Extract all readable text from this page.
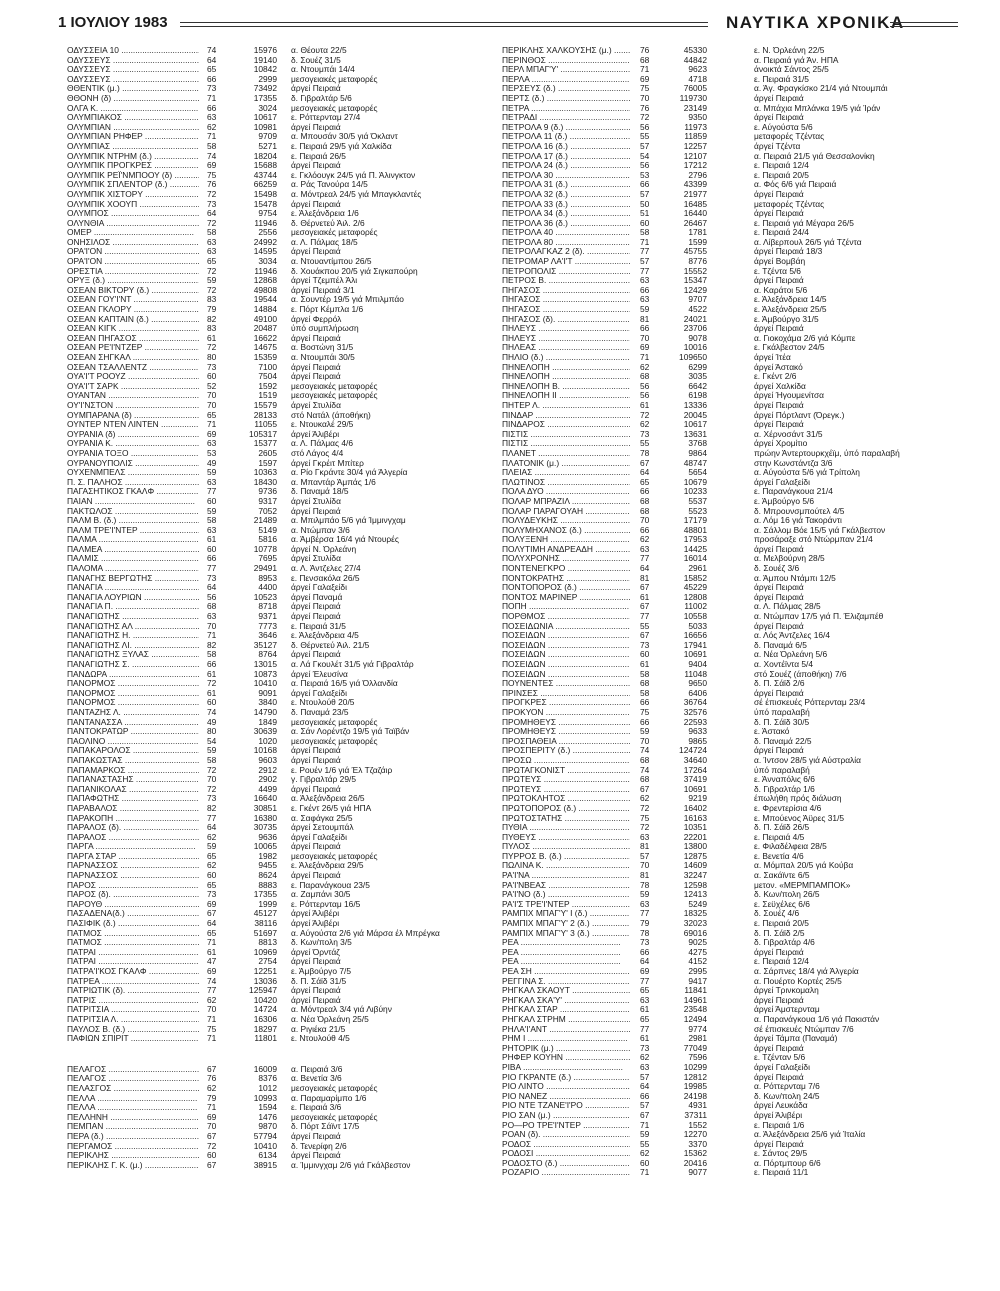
1 ΙΟΥΛΙΟΥ 1983	ΝΑΥΤΙΚΑ ΧΡΟΝΙΚΑ
ΟΔΥΣΣΕΙΑ 10 .....	74	15976 α. Θέουτα 22/5
ΟΔΥΣΣΕΥΣ .....	64	19140 δ. Σουέζ 31/5
ΟΔΥΣΣΕΥΣ .....	65	10842 α. Ντουμπάι 14/4
ΟΔΥΣΣΕΥΣ .....	66	2999 μεσογειακές μεταφορές
ΘΘΕΝΤΙΚ (μ.) .....	73	73492 άργεί Πειραιά
ΘΘΟΝΗ (δ) .....	71	17355 δ. Γιβραλτάρ 5/6
ΟΛΓΑ Κ. .....	66	3024 μεσογειακές μεταφορές
ΟΛΥΜΠΙΑΚΟΣ .....	63	10617 ε. Ρόττερνταμ 27/4
ΟΛΥΜΠΙΑΝ .....	62	10981 άργεί Πειραιά
ΟΛΥΜΠΙΑΝ ΡΗΦΕΡ .....	71	9709 α. Μπουσάν 30/5 γιά Όκλαντ
ΟΛΥΜΠΙΑΣ .....	58	5271 ε. Πειραιά 29/5 γιά Χαλκίδα
ΟΛΥΜΠΙΚ ΝΤΡΗΜ (δ.) .....	74	18204 ε. Πειραιά 26/5
ΟΛΥΜΠΙΚ ΠΡΟΓΚΡΕΣ .....	69	15688 άργεί Πειραιά
ΟΛΥΜΠΙΚ ΡΕΪ'ΝΜΠΟΟΥ (δ) .....	75	43744 ε. Γκλόουγκ 24/5 γιά Π. Άλινγκτον
ΟΛΥΜΠΙΚ ΣΠΛΕΝΤΟΡ (δ.) .....	76	66259 α. Ράς Τανούρα 14/5
ΟΛΥΜΠΙΚ ΧΙΣΤΟΡΥ .....	72	15498 α. Μόντρεαλ 24/5 γιά Μπαγκλαντές
ΟΛΥΜΠΙΚ ΧΟΟΥΠ .....	73	15478 άργεί Πειραιά
ΟΛΥΜΠΟΣ .....	64	9754 ε. Άλεξάνδρεια 1/6
ΟΛΥΝΘΙΑ .....	72	11946 δ. Θέρνετεύ Άιλ. 2/6
ΟΜΕΡ .....	58	2556 μεσογειακές μεταφορές
ΟΝΗΣΙΛΟΣ .....	63	24992 α. Λ. Πάλμας 18/5
ΟΡΑ'Ι'ΟΝ .....	63	14595 άργεί Πειραιά
ΟΡΑ'Ι'ΟΝ .....	65	3034 α. Ντουαντίμπου 26/5
ΟΡΕΣΤΙΑ .....	72	11946 δ. Χουάκπου 20/5 γιά Σιγκαπούρη
ΟΡΥΞ (δ.) .....	59	12868 άργεί Τζεμπέλ Άλι
ΟΣΕΑΝ ΒΙΚΤΟΡΥ (δ.) .....	72	49808 άργεί Πειραιά 3/1
ΟΣΕΑΝ ΓΟΥ'Ι'ΝΤ .....	83	19544 α. Σουντέρ 19/5 γιά Μπιλμπάο
ΟΣΕΑΝ ΓΚΛΟΡΥ .....	79	14884 ε. Πόρτ Κέμπλα 1/6
ΟΣΕΑΝ ΚΑΠΤΑΙΝ (δ.) .....	82	49100 άργεί Φερρόλ
ΟΣΕΑΝ ΚΙΓΚ .....	83	20487 ύπό συμπλήρωση
ΟΣΕΑΝ ΠΗΓΑΣΟΣ .....	61	16622 άργεί Πειραιά
ΟΣΕΑΝ ΡΕ'Ι'ΝΤΖΕΡ .....	72	14675 α. Βοστώνη 31/5
ΟΣΕΑΝ ΣΗΓΚΑΛ .....	80	15359 α. Ντουμπάι 30/5
ΟΣΕΑΝ ΤΣΑΛΛΕΝΤΖ .....	73	7100 άργεί Πειραιά
ΟΥΑ'Ι'Τ ΡΟΟΥΖ .....	60	7504 άργεί Πειραιά
ΟΥΑ'Ι'Τ ΣΑΡΚ .....	52	1592 μεσογειακές μεταφορές
ΟΥΑΝΤΑΝ .....	70	1519 μεσογειακές μεταφορές
ΟΥ'Ι'ΝΣΤΟΝ .....	70	15579 άργεί Στυλίδα
ΟΥΜΠΑΡΑΝΑ (δ) .....	65	28133 στό Νατάλ (άποθήκη)
ΟΥΝΤΕΡ ΝΤΕΝ ΛΙΝΤΕΝ .....	71	11055 ε. Ντουκαλέ 29/5
ΟΥΡΑΝΙΑ (δ) .....	69	105317 άργεί Άλιβέρι
ΟΥΡΑΝΙΑ Κ. .....	63	15377 α. Λ. Πάλμας 4/6
ΟΥΡΑΝΙΑ ΤΟΞΟ .....	53	2605 στό Λάγος 4/4
ΟΥΡΑΝΟΥΠΟΛΙΣ .....	49	1597 άργεί Γκρέιτ Μπίτερ
ΟΥΧΕΝΜΠΕΛΣ .....	59	10363 α. Ρίο Γκράντε 30/4 γιά Άλγερία
Π. Σ. ΠΑΛΗΟΣ .....	63	18430 α. Μπαντάρ Άμπάς 1/6
ΠΑΓΑΣΗΤΙΚΟΣ ΓΚΑΛΦ .....	77	9736 δ. Παναμά 18/5
ΠΑΙΑΝ .....	60	9317 άργεί Στυλίδα
ΠΑΚΤΩΛΟΣ .....	59	7052 άργεί Πειραιά
ΠΑΛΜ Β. (δ.) .....	58	21489 α. Μπιλμπάο 5/6 γιά Ίμμινγχαμ
ΠΑΛΜ ΤΡΕ'Ι'ΝΤΕΡ .....	63	5149 α. Ντώμπαν 3/6
ΠΑΛΜΑ .....	61	5816 α. Άμβέρσα 16/4 γιά Ντουρές
ΠΑΛΜΕΑ .....	60	10778 άργεί Ν. Όρλεάνη
ΠΑΛΜΙΣ .....	66	7695 άργεί Στυλίδα
ΠΑΛΟΜΑ .....	77	29491 α. Λ. Άντζελες 27/4
ΠΑΝΑΓΗΣ ΒΕΡΓΩΤΗΣ .....	73	8953 ε. Πενσακόλα 26/5
ΠΑΝΑΓΙΑ .....	64	4400 άργεί Γαλαξείδι
ΠΑΝΑΓΙΑ ΛΟΥΡΙΩΝ .....	56	10523 άργεί Παναμά
ΠΑΝΑΓΙΑ Π. .....	68	8718 άργεί Πειραιά
ΠΑΝΑΓΙΩΤΗΣ .....	63	9371 άργεί Πειραιά
ΠΑΝΑΓΙΩΤΗΣ ΑΛ .....	70	7773 ε. Πειραιά 31/5
ΠΑΝΑΓΙΩΤΗΣ Η. .....	71	3646 ε. Άλεξάνδρεια 4/5
ΠΑΝΑΓΙΩΤΗΣ ΛΙ. .....	82	35127 δ. Θέρνετεύ Άιλ. 21/5
ΠΑΝΑΓΙΩΤΗΣ ΞΥΛΑΣ .....	58	8764 άργεί Πειραιά
ΠΑΝΑΓΙΩΤΗΣ Σ. .....	66	13015 α. Λά Γκουλέτ 31/5 γιά Γιβραλτάρ
ΠΑΝΔΩΡΑ .....	61	10873 άργεί Έλευσίνα
ΠΑΝΟΡΜΟΣ .....	72	10410 α. Πειραιά 16/5 γιά Όλλανδία
ΠΑΝΟΡΜΟΣ .....	61	9091 άργεί Γαλαξείδι
ΠΑΝΟΡΜΟΣ .....	60	3840 ε. Ντουλούθ 20/5
ΠΑΝΤΑΖΗΣ Λ. .....	74	14790 δ. Παναμά 23/5
ΠΑΝΤΑΝΑΣΣΑ .....	49	1849 μεσογειακές μεταφορές
ΠΑΝΤΟΚΡΑΤΩΡ .....	80	30639 α. Σάν Λορέντζο 19/5 γιά Ταϊβάν
ΠΑΟΛΙΝΟ .....	54	1020 μεσογειακές μεταφορές
ΠΑΠΑΚΑΡΟΛΟΣ .....	59	10168 άργεί Πειραιά
ΠΑΠΑΚΩΣΤΑΣ .....	58	9603 άργεί Πειραιά
ΠΑΠΑΜΑΡΚΟΣ .....	72	2912 ε. Ρουέν 1/6 γιά Έλ Τζαζάιρ
ΠΑΠΑΝΑΣΤΑΣΗΣ .....	70	2902 γ. Γιβραλτάρ 29/5
ΠΑΠΑΝΙΚΟΛΑΣ .....	72	4499 άργεί Πειραιά
ΠΑΠΑΦΩΤΗΣ .....	73	16640 α. Άλεξάνδρεια 26/5
ΠΑΡΑΒΑΛΟΣ .....	82	30851 ε. Γκέντ 26/5 γιά ΗΠΑ
ΠΑΡΑΚΟΠΗ .....	77	16380 α. Σαφάγκα 25/5
ΠΑΡΑΛΟΣ (δ). .....	64	30735 άργεί Σετουμπάλ
ΠΑΡΑΛΟΣ .....	62	9636 άργεί Γαλαξείδι
ΠΑΡΓΑ .....	59	10065 άργεί Πειραιά
ΠΑΡΓΑ ΣΤΑΡ .....	65	1982 μεσογειακές μεταφορές
ΠΑΡΝΑΣΣΟΣ .....	62	9455 ε. Άλεξάνδρεια 29/5
ΠΑΡΝΑΣΣΟΣ .....	60	8624 άργεί Πειραιά
ΠΑΡΟΣ .....	65	8883 ε. Παρανάγκουα 23/5
ΠΑΡΟΣ (δ). .....	73	17355 α. Ζαμπάνι 30/5
ΠΑΡΟΥΘ .....	69	1999 ε. Ρόττερνταμ 16/5
ΠΑΣΑΔΕΝΑ(δ.) .....	67	45127 άργεί Άλιβέρι
ΠΑΣΙΦΙΚ (δ.) .....	64	38116 άργεί Άλιβέρι
ΠΑΤΜΟΣ .....	65	51697 α. Αύγούστα 2/6 γιά Μάρσα έλ Μπρέγκα
ΠΑΤΜΟΣ .....	71	8813 δ. Κων/πολη 3/5
ΠΑΤΡΑΙ .....	61	10969 άργεί Όρντάζ
ΠΑΤΡΑΙ .....	47	2754 άργεί Πειραιά
ΠΑΤΡΑ'Ι'ΚΟΣ ΓΚΑΛΦ .....	69	12251 ε. Άμβούργο 7/5
ΠΑΤΡΕΑ .....	74	13036 δ. Π. Σάϊδ 31/5
ΠΑΤΡΙΩΤΙΚ (δ). .....	77	125947 άργεί Πειραιά
ΠΑΤΡΙΣ .....	62	10420 άργεί Πειραιά
ΠΑΤΡΙΤΣΙΑ .....	70	14724 α. Μόντρεαλ 3/4 γιά Λιβύην
ΠΑΤΡΙΤΣΙΑ Λ. .....	71	16306 α. Νέα Όρλεάνη 25/5
ΠΑΥΛΟΣ Β. (δ.) .....	75	18297 α. Ριγιέκα 21/5
ΠΑΦΙΩΝ ΣΠΙΡΙΤ .....	71	11801 ε. Ντουλούθ 4/5
ΠΕΛΑΓΟΣ .....	67	16009 α. Πειραιά 3/6
ΠΕΛΑΓΟΣ .....	76	8376 α. Βενετία 3/6
ΠΕΛΑΣΓΟΣ .....	62	1012 μεσογειακές μεταφορές
ΠΕΛΛΑ .....	79	10993 α. Παραμαρίμπο 1/6
ΠΕΛΛΑ .....	71	1594 ε. Πειραιά 3/6
ΠΕΛΛΗΝΗ .....	69	1476 μεσογειακές μεταφορές
ΠΕΜΠΑΝ .....	70	9870 δ. Πόρτ Σάϊντ 17/5
ΠΕΡΑ (δ.) .....	67	57794 άργεί Πειραιά
ΠΕΡΓΑΜΟΣ .....	72	10410 δ. Τενερίφη 2/6
ΠΕΡΙΚΛΗΣ .....	60	6134 άργεί Πειραιά
ΠΕΡΙΚΛΗΣ Γ. Κ. (μ.) .....	67	38915 α. Ίμμινγχαμ 2/6 γιά Γκάλβεστον
ΠΕΡΙΚΛΗΣ ΧΑΛΚΟΥΣΗΣ (μ.) .....	76	45330	ε. Ν. Όρλεάνη 22/5
ΠΕΡΙΝΘΟΣ .....	68	44842	α. Πειραιά γιά Άν. ΗΠΑ
ΠΕΡΛ ΜΠΑΓ'Υ' .....	71	9623	άνοικτά Σάντος 25/5
ΠΕΡΛΑ .....	69	4718	ε. Πειραιά 31/5
ΠΕΡΣΕΥΣ (δ.) .....	75	76005	α. Άγ. Φραγκίσκο 21/4 γιά Ντουμπάι
ΠΕΡΤΣ (δ.) .....	70	119730	άργεί Πειραιά
ΠΕΤΡΑ .....	76	23149	α. Μπάχια Μπλάνκα 19/5 γιά Ίράν
ΠΕΤΡΑΔΙ .....	72	9350	άργεί Πειραιά
ΠΕΤΡΟΛΑ 9 (δ.) .....	56	11973	ε. Αύγούστα 5/6
ΠΕΤΡΟΛΑ 11 (δ.) .....	55	11859	μεταφορές Τζέντας
ΠΕΤΡΟΛΑ 16 (δ.) .....	57	12257	άργεί Τζέντα
ΠΕΤΡΟΛΑ 17 (δ.) .....	54	12107	α. Πειραιά 21/5 γιά Θεσσαλονίκη
ΠΕΤΡΟΛΑ 24 (δ.) .....	56	17212	ε. Πειραιά 12/4
ΠΕΤΡΟΛΑ 30 .....	53	2796	ε. Πειραιά 20/5
ΠΕΤΡΟΛΑ 31 (δ.) .....	66	43399	α. Φός 6/6 γιά Πειραιά
ΠΕΤΡΟΛΑ 32 (δ.) .....	57	21977	άργεί Πειραιά
ΠΕΤΡΟΛΑ 33 (δ.) .....	50	16485	μεταφορές Τζέντας
ΠΕΤΡΟΛΑ 34 (δ.) .....	51	16440	άργεί Πειραιά
ΠΕΤΡΟΛΑ 36 (δ.) .....	60	26467	ε. Πειραιά γιά Μέγαρα 26/5
ΠΕΤΡΟΛΑ 40 .....	58	1781	ε. Πειραιά 24/4
ΠΕΤΡΟΛΑ 80 .....	71	1599	α. Λίβερπουλ 26/5 γιά Τζέντα
ΠΕΤΡΟΛΑΓΚΑΖ 2 (δ). .....	77	45755	άργεί Πειραιά 18/3
ΠΕΤΡΟΜΑΡ ΛΑ'Ι'Τ .....	57	8776	άργεί Βομβάη
ΠΕΤΡΟΠΟΛΙΣ .....	77	15552	ε. Τζέντα 5/6
ΠΕΤΡΟΣ Β. .....	63	15347	άργεί Πειραιά
ΠΗΓΑΣΟΣ .....	66	12429	α. Καράτοι 5/6
ΠΗΓΑΣΟΣ .....	63	9707	ε. Άλεξάνδρεια 14/5
ΠΗΓΑΣΟΣ .....	59	4522	ε. Άλεξάνδρεια 25/5
ΠΗΓΑΣΟΣ (δ). .....	81	24021	ε. Άμβούργο 31/5
ΠΗΛΕΥΣ .....	66	23706	άργεί Πειραιά
ΠΗΛΕΥΣ .....	70	9078	α. Γιοκοχάμα 2/6 γιά Κόμπε
ΠΗΛΕΑΣ .....	69	10016	ε. Γκάλβεστον 24/5
ΠΗΛΙΟ (δ.) .....	71	109650	άργεί Ίτέα
ΠΗΝΕΛΟΠΗ .....	62	6299	άργεί Άστακό
ΠΗΝΕΛΟΠΗ .....	68	3035	ε. Γκέντ 2/6
ΠΗΝΕΛΟΠΗ Β. .....	56	6642	άργεί Χαλκίδα
ΠΗΝΕΛΟΠΗ ΙΙ .....	56	6198	άργεί Ήγουμενίτσα
ΠΗΤΕΡ Λ. .....	61	13336	άργεί Πειραιά
ΠΙΝΔΑΡ .....	72	20045	άργεί Πόρτλαντ (Όρεγκ.)
ΠΙΝΔΑΡΟΣ .....	62	10617	άργεί Πειραιά
ΠΙΣΤΙΣ .....	73	13631	α. Χέρνοσάντ 31/5
ΠΙΣΤΙΣ .....	55	3768	άργεί Χρομίτιο
ΠΛΑΝΕΤ .....	78	9864	πρώην Άντερτουρκχέϊμ, ύπό παραλαβή
ΠΛΑΤΟΝΙΚ (μ.) .....	67	48747	στην Κωνστάντζα 3/6
ΠΛΕΙΑΣ .....	64	5654	α. Αύγούστα 5/6 γιά Τρίπολη
ΠΛΩΤΙΝΟΣ .....	65	10679	άργεί Γαλαξείδι
ΠΟΛΑ ΔΥΟ .....	66	10233	ε. Παρανάγκουα 21/4
ΠΟΛΑΡ ΜΠΡΑΖΙΛ .....	68	5537	ε. Άμβούργο 5/6
ΠΟΛΑΡ ΠΑΡΑΓΟΥΑΗ .....	68	5523	δ. Μπρουνσμπούτελ 4/5
ΠΟΛΥΔΕΥΚΗΣ .....	70	17179	α. Λόμ 16 γιά Τακοράντι
ΠΟΛΥΜΗΧΑΝΟΣ (δ.) .....	66	48801	α. Σάλλομ Βόε 15/5 γιά Γκάλβεστον
ΠΟΛΥΞΕΝΗ .....	62	17953	προσάραξε στό Ντώρμπαν 21/4
ΠΟΛΥΤΙΜΗ ΑΝΔΡΕΑΔΗ .....	63	14425	άργεί Πειραιά
ΠΟΛΥΧΡΟΝΗΣ .....	77	16014	α. Μελβούρνη 28/5
ΠΟΝΤΕΝΕΓΚΡΟ .....	64	2961	δ. Σουέζ 3/6
ΠΟΝΤΟΚΡΑΤΗΣ .....	81	15852	α. Άμπου Ντάμπι 12/5
ΠΟΝΤΟΠΟΡΟΣ (δ.) .....	67	45229	άργεί Πειραιά
ΠΟΝΤΟΣ ΜΑΡΙΝΕΡ .....	61	12808	άργεί Πειραιά
ΠΟΠΗ .....	67	11002	α. Λ. Πάλμας 28/5
ΠΟΡΘΜΟΣ .....	77	10558	α. Ντώμπαν 17/5 γιά Π. Έλιζαμπέθ
ΠΟΣΕΙΔΩΝΙΑ .....	55	5033	άργεί Πειραιά
ΠΟΣΕΙΔΩΝ .....	67	16656	α. Λός Άντζελες 16/4
ΠΟΣΕΙΔΩΝ .....	73	17941	δ. Παναμά 6/5
ΠΟΣΕΙΔΩΝ .....	60	10691	α. Νέα Όρλεάνη 5/6
ΠΟΣΕΙΔΩΝ .....	61	9404	α. Χοντέϊντα 5/4
ΠΟΣΕΙΔΩΝ .....	58	11048	στό Σουέζ (άποθήκη) 7/6
ΠΟΥΝΕΝΤΕΣ .....	68	9650	δ. Π. Σάϊδ 2/6
ΠΡΙΝΣΕΣ .....	58	6406	άργεί Πειραιά
ΠΡΟΓΚΡΕΣ .....	66	36764	σέ έπισκευές Ρόττερνταμ 23/4
ΠΡΟΚΥΟΝ .....	75	32576	ύπό παραλαβή
ΠΡΟΜΗΘΕΥΣ .....	66	22593	δ. Π. Σάϊδ 30/5
ΠΡΟΜΗΘΕΥΣ .....	59	9633	ε. Άστακό
ΠΡΟΣΠΑΘΕΙΑ .....	70	9865	δ. Παναμά 22/5
ΠΡΟΣΠΕΡΙΤΥ (δ.) .....	74	124724	άργεί Πειραιά
ΠΡΟΣΩ .....	68	34640	α. Ίντσον 28/5 γιά Αύστραλία
ΠΡΩΤΑΓΚΟΝΙΣΤ .....	74	17264	ύπό παραλαβή
ΠΡΩΤΕΥΣ .....	68	37419	ε. Άνναπόλις 6/6
ΠΡΩΤΕΥΣ .....	67	10691	δ. Γιβραλτάρ 1/6
ΠΡΩΤΟΚΛΗΤΟΣ .....	62	9219	έπωλήθη πρός διάλυση
ΠΡΩΤΟΠΟΡΟΣ (δ.) .....	72	16402	ε. Φρεντερίσια 4/6
ΠΡΩΤΟΣΤΑΤΗΣ .....	75	16163	ε. Μπούενος Άϋρες 31/5
ΠΥΘΙΑ .....	72	10351	δ. Π. Σάϊδ 26/5
ΠΥΘΕΥΣ .....	63	22201	ε. Πειραιά 4/5
ΠΥΛΟΣ .....	81	13800	ε. Φιλαδέλφεια 28/5
ΠΥΡΡΟΣ Β. (δ.) .....	57	12875	ε. Βενετία 4/6
ΠΩΛΙΝΑ Κ. .....	70	14609	α. Μόμπαλ 20/5 γιά Κούβα
ΡΑ'Ι'ΝΑ .....	81	32247	α. Σακάϊντε 6/5
ΡΑ'Ι'ΝΒΕΑΣ .....	78	12598	μετον. «ΜΕΡΜΠΑΜΠΟΚ»
ΡΑ'Ι'ΝΟ (δ.) .....	59	12413	δ. Κων/πολη 26/5
ΡΑ'Ι'Σ ΤΡΕ'Ι'ΝΤΕΡ .....	63	5249	ε. Σεϋχέλες 6/6
ΡΑΜΠΙΧ ΜΠΑΓ'Υ' Ι (δ.) .....	77	18325	δ. Σουέζ 4/6
ΡΑΜΠΙΧ ΜΠΑΓ'Υ' 2 (δ.) .....	79	32023	ε. Πειραιά 20/5
ΡΑΜΠΙΧ ΜΠΑΓ'Υ' 3 (δ.) .....	78	69016	δ. Π. Σάϊδ 2/5
ΡΕΑ .....	73	9025	δ. Γιβραλτάρ 4/6
ΡΕΑ .....	66	4275	άργεί Πειραιά
ΡΕΑ .....	64	4152	ε. Πειραιά 12/4
ΡΕΑ ΣΗ .....	69	2995	α. Σάρπνες 18/4 γιά Άλγερία
ΡΕΓΓΙΝΑ Σ. .....	77	9417	α. Πουέρτο Κορτές 25/5
ΡΗΓΚΑΛ ΣΚΑΟΥΤ .....	65	11841	άργεί Τρινκομαλη
ΡΗΓΚΑΛ ΣΚΑ'Υ' .....	63	14961	άργεί Πειραιά
ΡΗΓΚΑΛ ΣΤΑΡ .....	61	23548	άργεί Άμστερνταμ
ΡΗΓΚΑΛ ΣΤΡΗΜ .....	65	12494	α. Παρανάγκουα 1/6 γιά Πακιστάν
ΡΗΛΑ'Ι'ΑΝΤ .....	77	9774	σέ έπισκευές Ντώμπαν 7/6
ΡΗΜ Ι .....	61	2981	άργεί Τάμπα (Παναμά)
ΡΗΤΟΡΙΚ (μ.) .....	73	77049	άργεί Πειραιά
ΡΗΦΕΡ ΚΟΥΗΝ .....	62	7596	ε. Τζένταν 5/6
ΡΙΒΑ .....	63	10299	άργεί Γαλαξείδι
ΡΙΟ ΓΚΡΑΝΤΕ (δ.) .....	57	12812	άργεί Πειραιά
ΡΙΟ ΛΙΝΤΟ .....	64	19985	α. Ρόττερνταμ 7/6
ΡΙΟ ΝΑΝΕΖ .....	66	24198	δ. Κων/πολη 24/5
ΡΙΟ ΝΤΕ ΤΖΑΝΕ'Ι'ΡΟ .....	57	4931	άργεί Λευκάδα
ΡΙΟ ΣΑΝ (μ.) .....	67	37311	άργεί Άλιβέρι
ΡΟ—ΡΟ ΤΡΕ'Ι'ΝΤΕΡ .....	71	1552	ε. Πειραιά 1/6
ΡΟΑΝ (δ). .....	59	12270	α. Άλεξάνδρεια 25/6 γιά Ίταλία
ΡΟΔΟΣ .....	55	3370	άργεί Πειραιά
ΡΟΔΟΣΙ .....	62	15362	ε. Σάντος 29/5
ΡΟΔΟΣΤΟ (δ.) .....	60	20416	α. Πόρτμπουρ 6/6
ΡΟΖΑΡΙΟ .....	71	9077	ε. Πειραιά 11/1
